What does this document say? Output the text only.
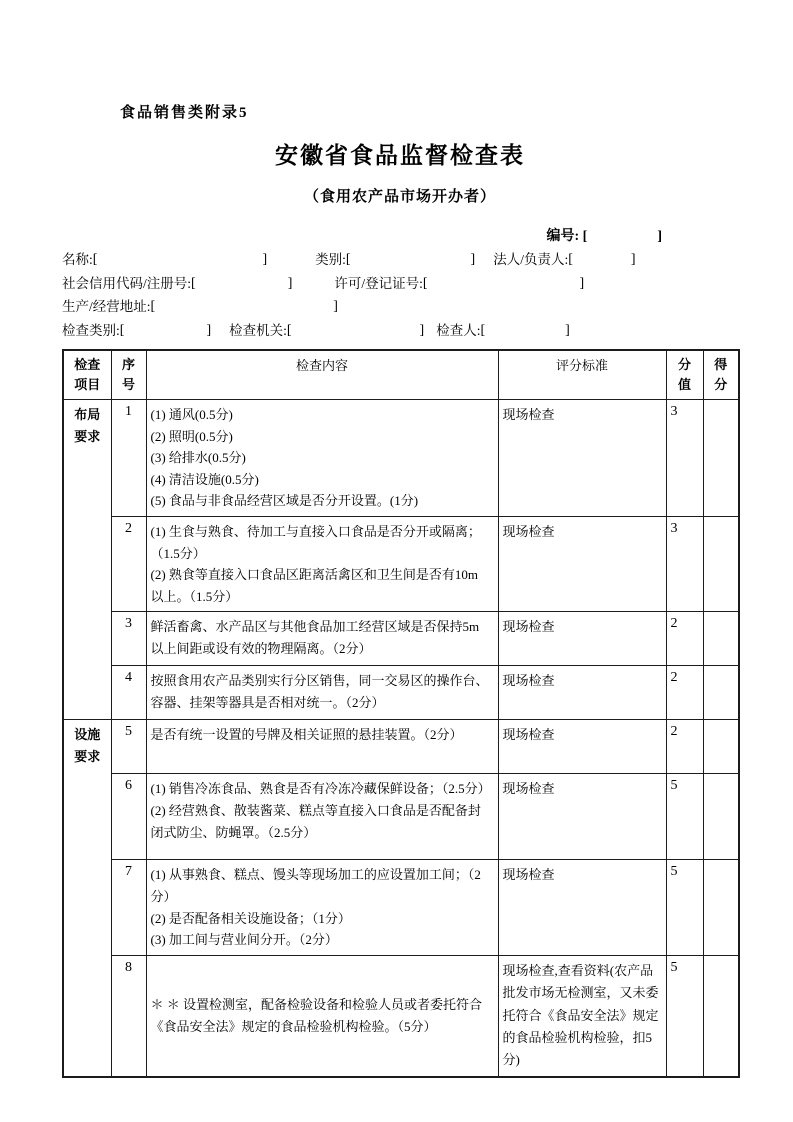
食品销售类附录5
安徽省食品监督检查表
（食用农产品市场开办者）
编号: [	]
名称: [	]	类别: [	] 法人/负责人: [	]
社会信用代码/注册号: [	]	许可/登记证号: [	]
生产/经营地址: [	]
检查类别: [	] 检查机关: [	] 检查人: [	]
检查项目	序号	检查内容	评分标准	分值	得分

布局要求	1	(1) 通风(0.5分)
(2) 照明(0.5分)
(3) 给排水(0.5分)
(4) 清洁设施(0.5分)
(5) 食品与非食品经营区域是否分开设置。(1分)	现场检查	3	
	2	(1) 生食与熟食、待加工与直接入口食品是否分开或隔离；（1.5分）
(2) 熟食等直接入口食品区距离活禽区和卫生间是否有10m 以上。（1.5分）	现场检查	3	
	3	鲜活畜禽、水产品区与其他食品加工经营区域是否保持5m 以上间距或设有效的物理隔离。（2分）	现场检查	2	
	4	按照食用农产品类别实行分区销售，同一交易区的操作台、容器、挂架等器具是否相对统一。（2分）	现场检查	2	

设施要求	5	是否有统一设置的号牌及相关证照的悬挂装置。（2分）	现场检查	2	
	6	(1) 销售冷冻食品、熟食是否有冷冻冷藏保鲜设备；（2.5分）
(2) 经营熟食、散装酱菜、糕点等直接入口食品是否配备封闭式防尘、防蝇罩。（2.5分）	现场检查	5	
	7	(1) 从事熟食、糕点、馒头等现场加工的应设置加工间；（2分）
(2) 是否配备相关设施设备；（1分）
(3) 加工间与营业间分开。（2分）	现场检查	5	
	8	＊ ＊ 设置检测室，配备检验设备和检验人员或者委托符合《食品安全法》规定的食品检验机构检验。（5分）	现场检查,查看资料(农产品批发市场无检测室，又未委托符合《食品安全法》规定的食品检验机构检验，扣5分)	5	
